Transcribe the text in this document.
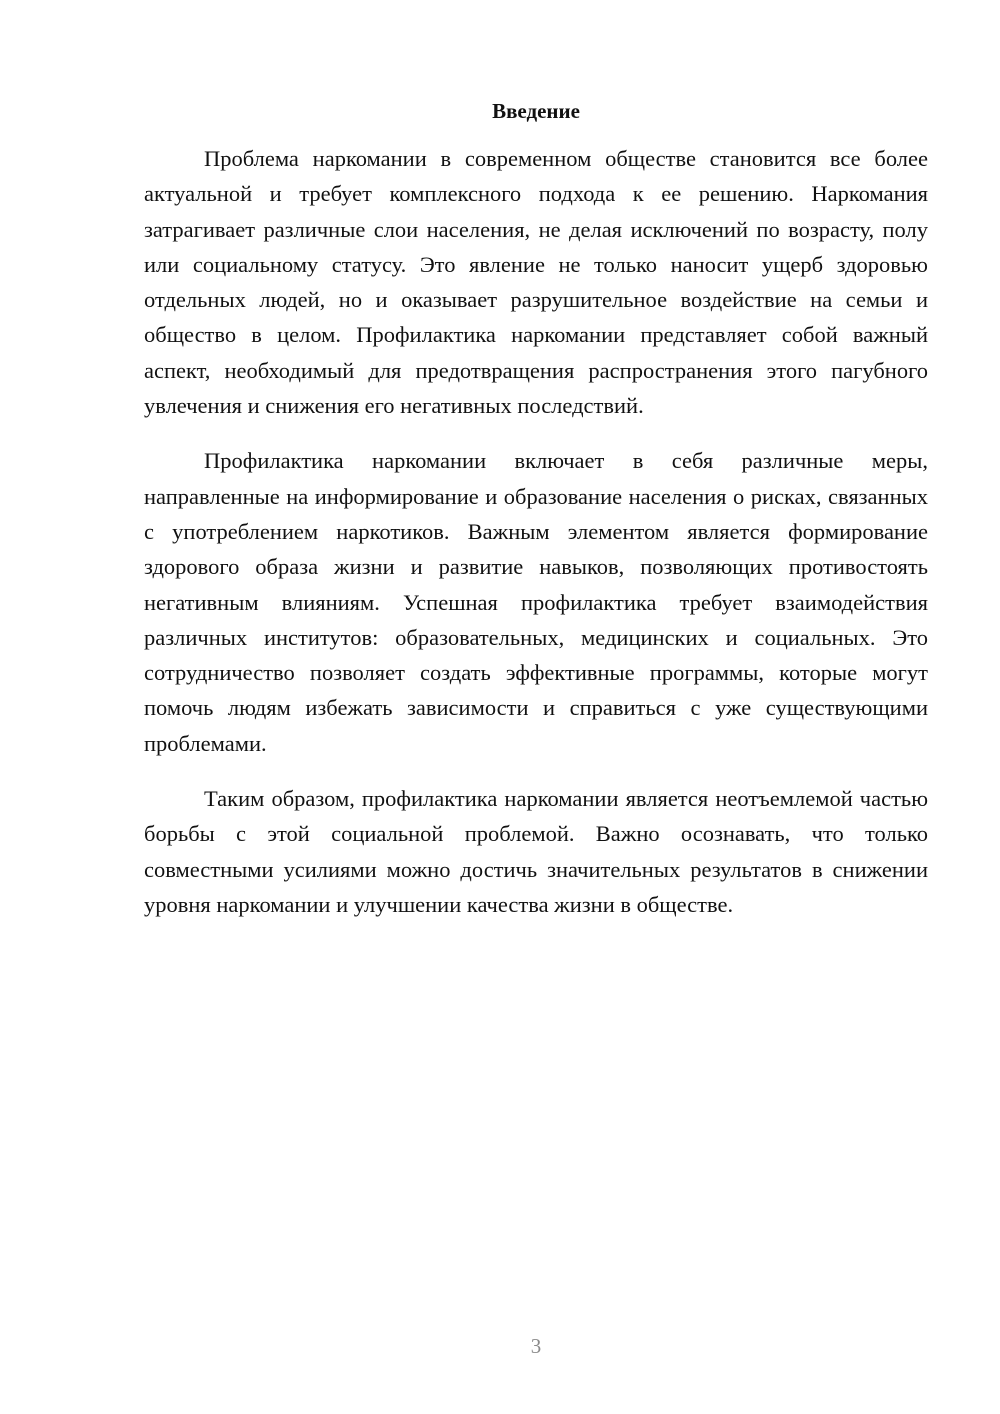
Введение

Проблема наркомании в современном обществе становится все более актуальной и требует комплексного подхода к ее решению. Наркомания затрагивает различные слои населения, не делая исключений по возрасту, полу или социальному статусу. Это явление не только наносит ущерб здоровью отдельных людей, но и оказывает разрушительное воздействие на семьи и общество в целом. Профилактика наркомании представляет собой важный аспект, необходимый для предотвращения распространения этого пагубного увлечения и снижения его негативных последствий.

Профилактика наркомании включает в себя различные меры, направленные на информирование и образование населения о рисках, связанных с употреблением наркотиков. Важным элементом является формирование здорового образа жизни и развитие навыков, позволяющих противостоять негативным влияниям. Успешная профилактика требует взаимодействия различных институтов: образовательных, медицинских и социальных. Это сотрудничество позволяет создать эффективные программы, которые могут помочь людям избежать зависимости и справиться с уже существующими проблемами.

Таким образом, профилактика наркомании является неотъемлемой частью борьбы с этой социальной проблемой. Важно осознавать, что только совместными усилиями можно достичь значительных результатов в снижении уровня наркомании и улучшении качества жизни в обществе.

3
